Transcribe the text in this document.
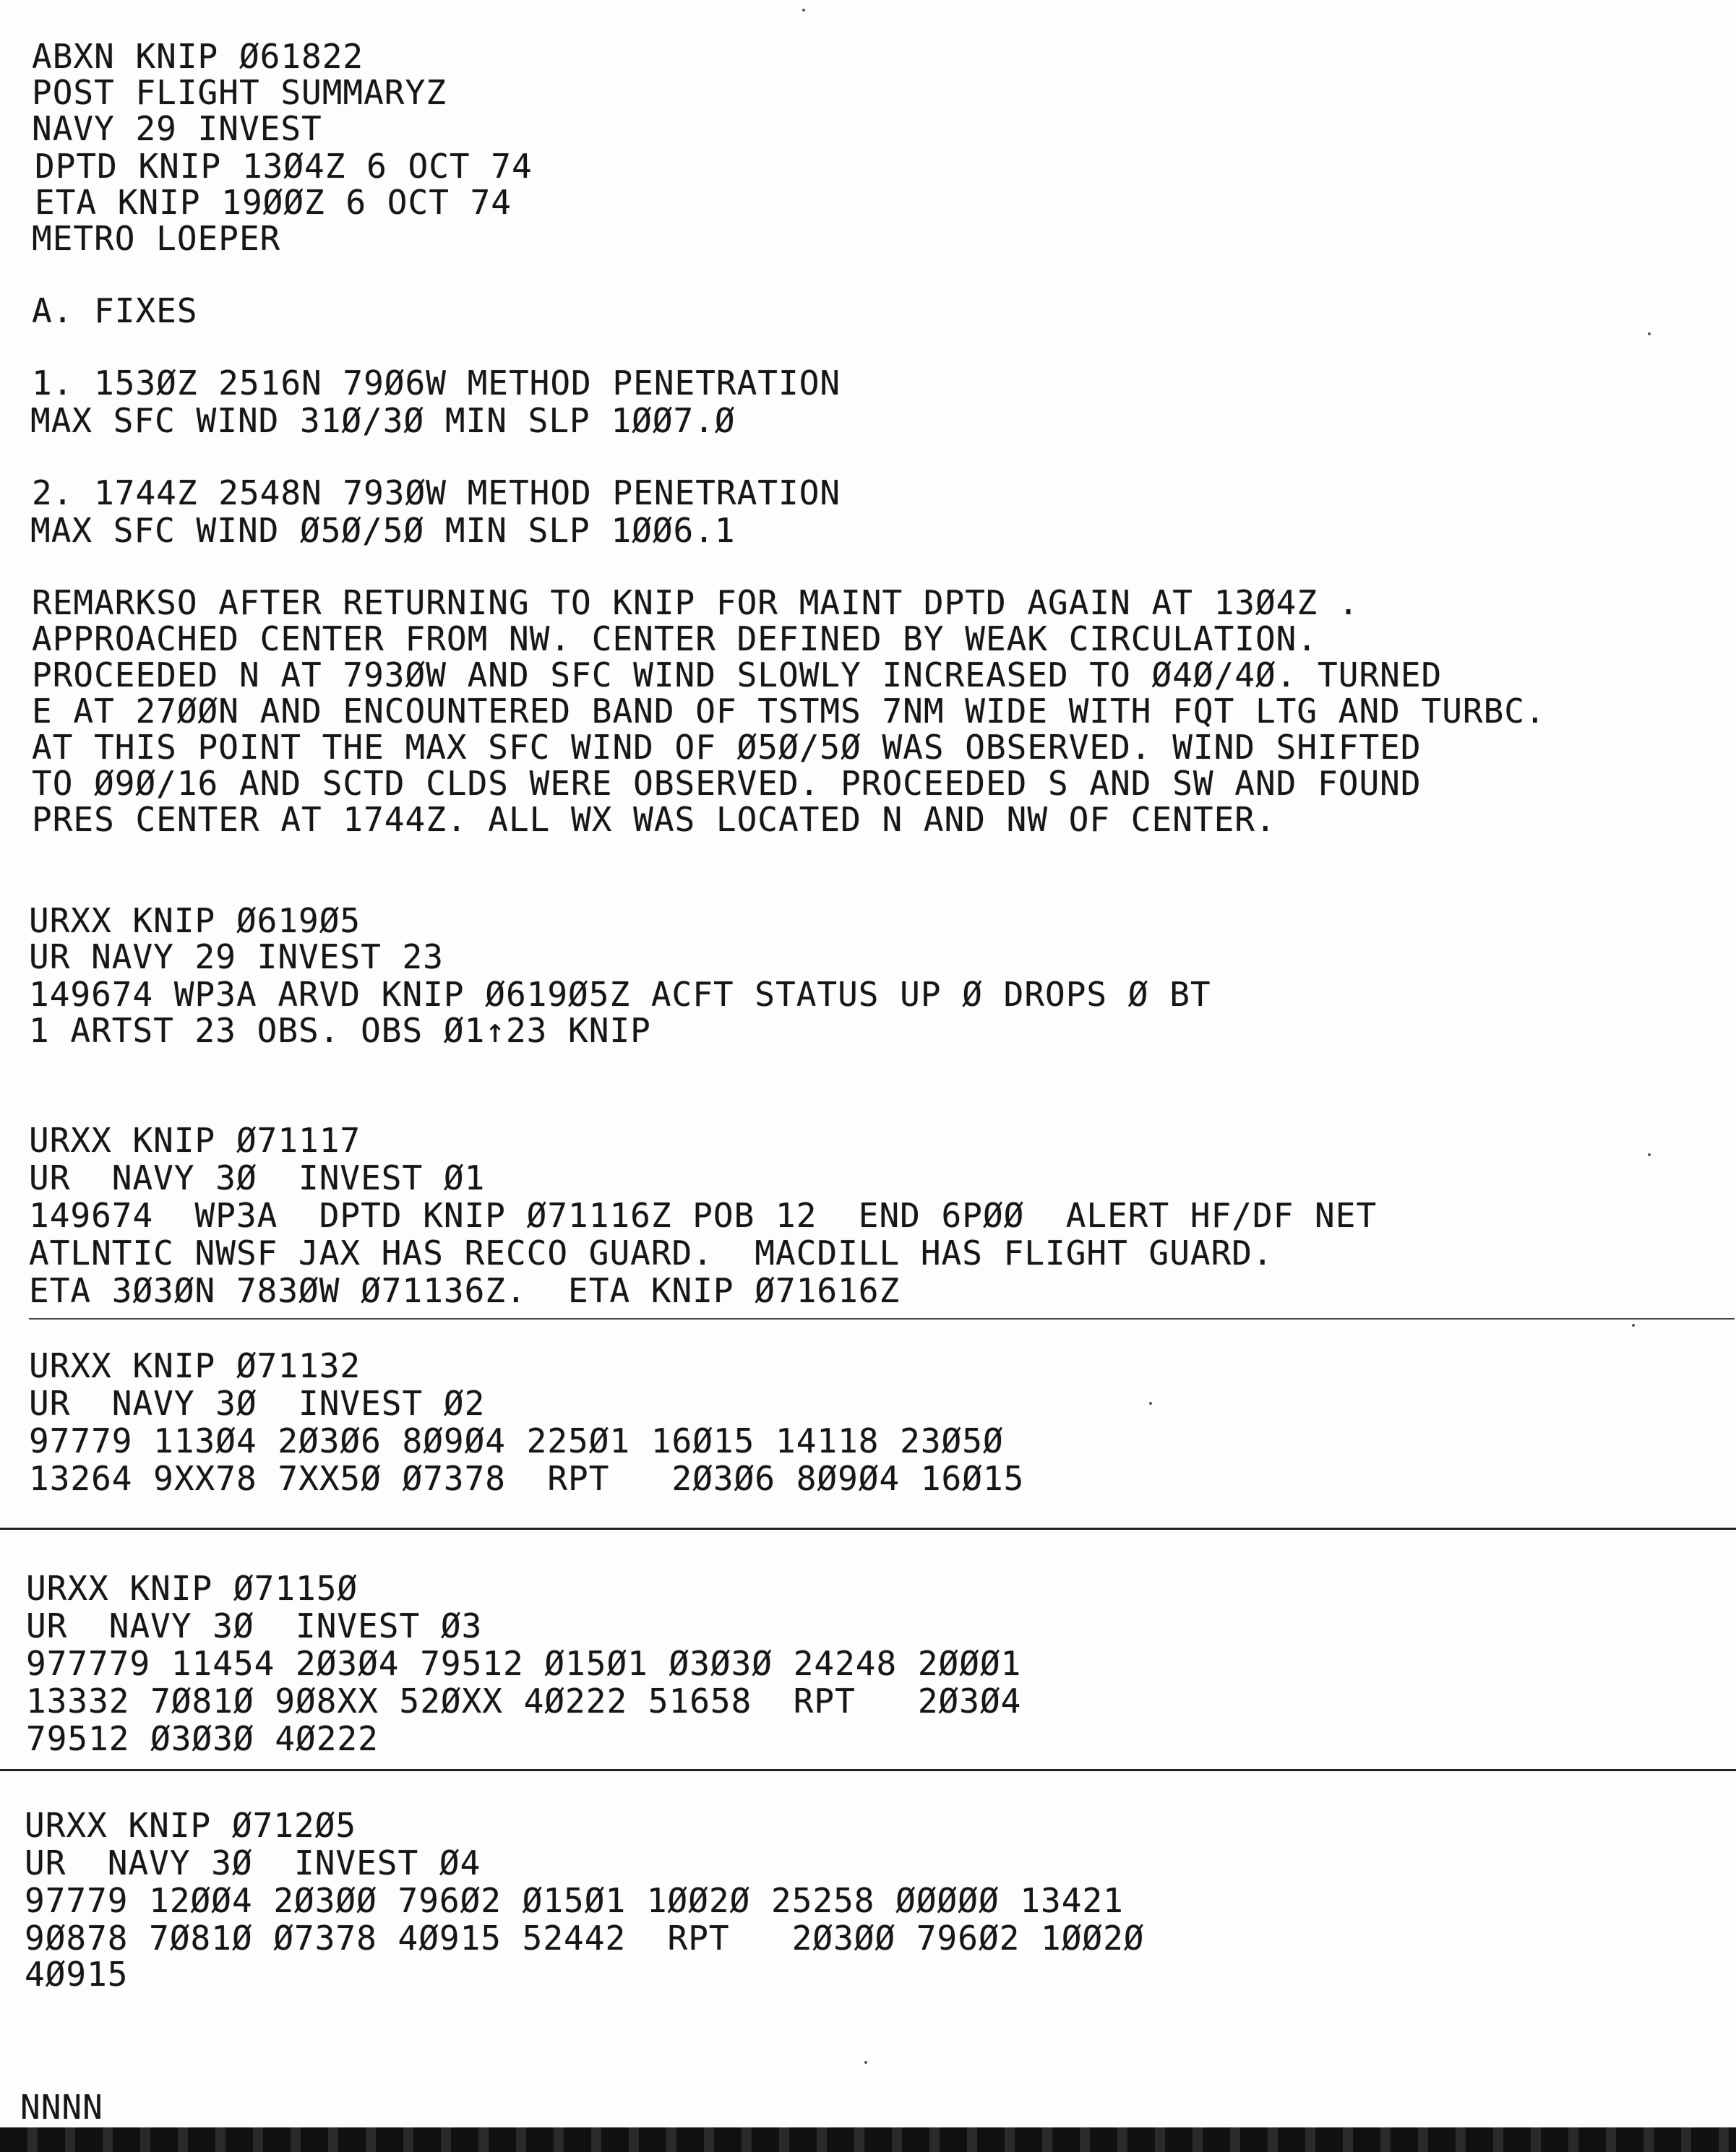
ABXN KNIP Ø61822
POST FLIGHT SUMMARYZ
NAVY 29 INVEST
DPTD KNIP 13Ø4Z 6 OCT 74
ETA KNIP 19ØØZ 6 OCT 74
METRO LOEPER
A. FIXES
1. 153ØZ 2516N 79Ø6W METHOD PENETRATION
MAX SFC WIND 31Ø/3Ø MIN SLP 1ØØ7.Ø
2. 1744Z 2548N 793ØW METHOD PENETRATION
MAX SFC WIND Ø5Ø/5Ø MIN SLP 1ØØ6.1
REMARKSO AFTER RETURNING TO KNIP FOR MAINT DPTD AGAIN AT 13Ø4Z .
APPROACHED CENTER FROM NW. CENTER DEFINED BY WEAK CIRCULATION.
PROCEEDED N AT 793ØW AND SFC WIND SLOWLY INCREASED TO Ø4Ø/4Ø. TURNED
E AT 27ØØN AND ENCOUNTERED BAND OF TSTMS 7NM WIDE WITH FQT LTG AND TURBC.
AT THIS POINT THE MAX SFC WIND OF Ø5Ø/5Ø WAS OBSERVED. WIND SHIFTED
TO Ø9Ø/16 AND SCTD CLDS WERE OBSERVED. PROCEEDED S AND SW AND FOUND
PRES CENTER AT 1744Z. ALL WX WAS LOCATED N AND NW OF CENTER.
URXX KNIP Ø619Ø5
UR NAVY 29 INVEST 23
149674 WP3A ARVD KNIP Ø619Ø5Z ACFT STATUS UP Ø DROPS Ø BT
1 ARTST 23 OBS. OBS Ø1↑23 KNIP
URXX KNIP Ø71117
UR  NAVY 3Ø  INVEST Ø1
149674  WP3A  DPTD KNIP Ø71116Z POB 12  END 6PØØ  ALERT HF/DF NET
ATLNTIC NWSF JAX HAS RECCO GUARD.  MACDILL HAS FLIGHT GUARD.
ETA 3Ø3ØN 783ØW Ø71136Z.  ETA KNIP Ø71616Z
URXX KNIP Ø71132
UR  NAVY 3Ø  INVEST Ø2
97779 113Ø4 2Ø3Ø6 8Ø9Ø4 225Ø1 16Ø15 14118 23Ø5Ø
13264 9XX78 7XX5Ø Ø7378  RPT   2Ø3Ø6 8Ø9Ø4 16Ø15
URXX KNIP Ø7115Ø
UR  NAVY 3Ø  INVEST Ø3
977779 11454 2Ø3Ø4 79512 Ø15Ø1 Ø3Ø3Ø 24248 2ØØØ1
13332 7Ø81Ø 9Ø8XX 52ØXX 4Ø222 51658  RPT   2Ø3Ø4
79512 Ø3Ø3Ø 4Ø222
URXX KNIP Ø712Ø5
UR  NAVY 3Ø  INVEST Ø4
97779 12ØØ4 2Ø3ØØ 796Ø2 Ø15Ø1 1ØØ2Ø 25258 ØØØØØ 13421
9Ø878 7Ø81Ø Ø7378 4Ø915 52442  RPT   2Ø3ØØ 796Ø2 1ØØ2Ø
4Ø915
NNNN
